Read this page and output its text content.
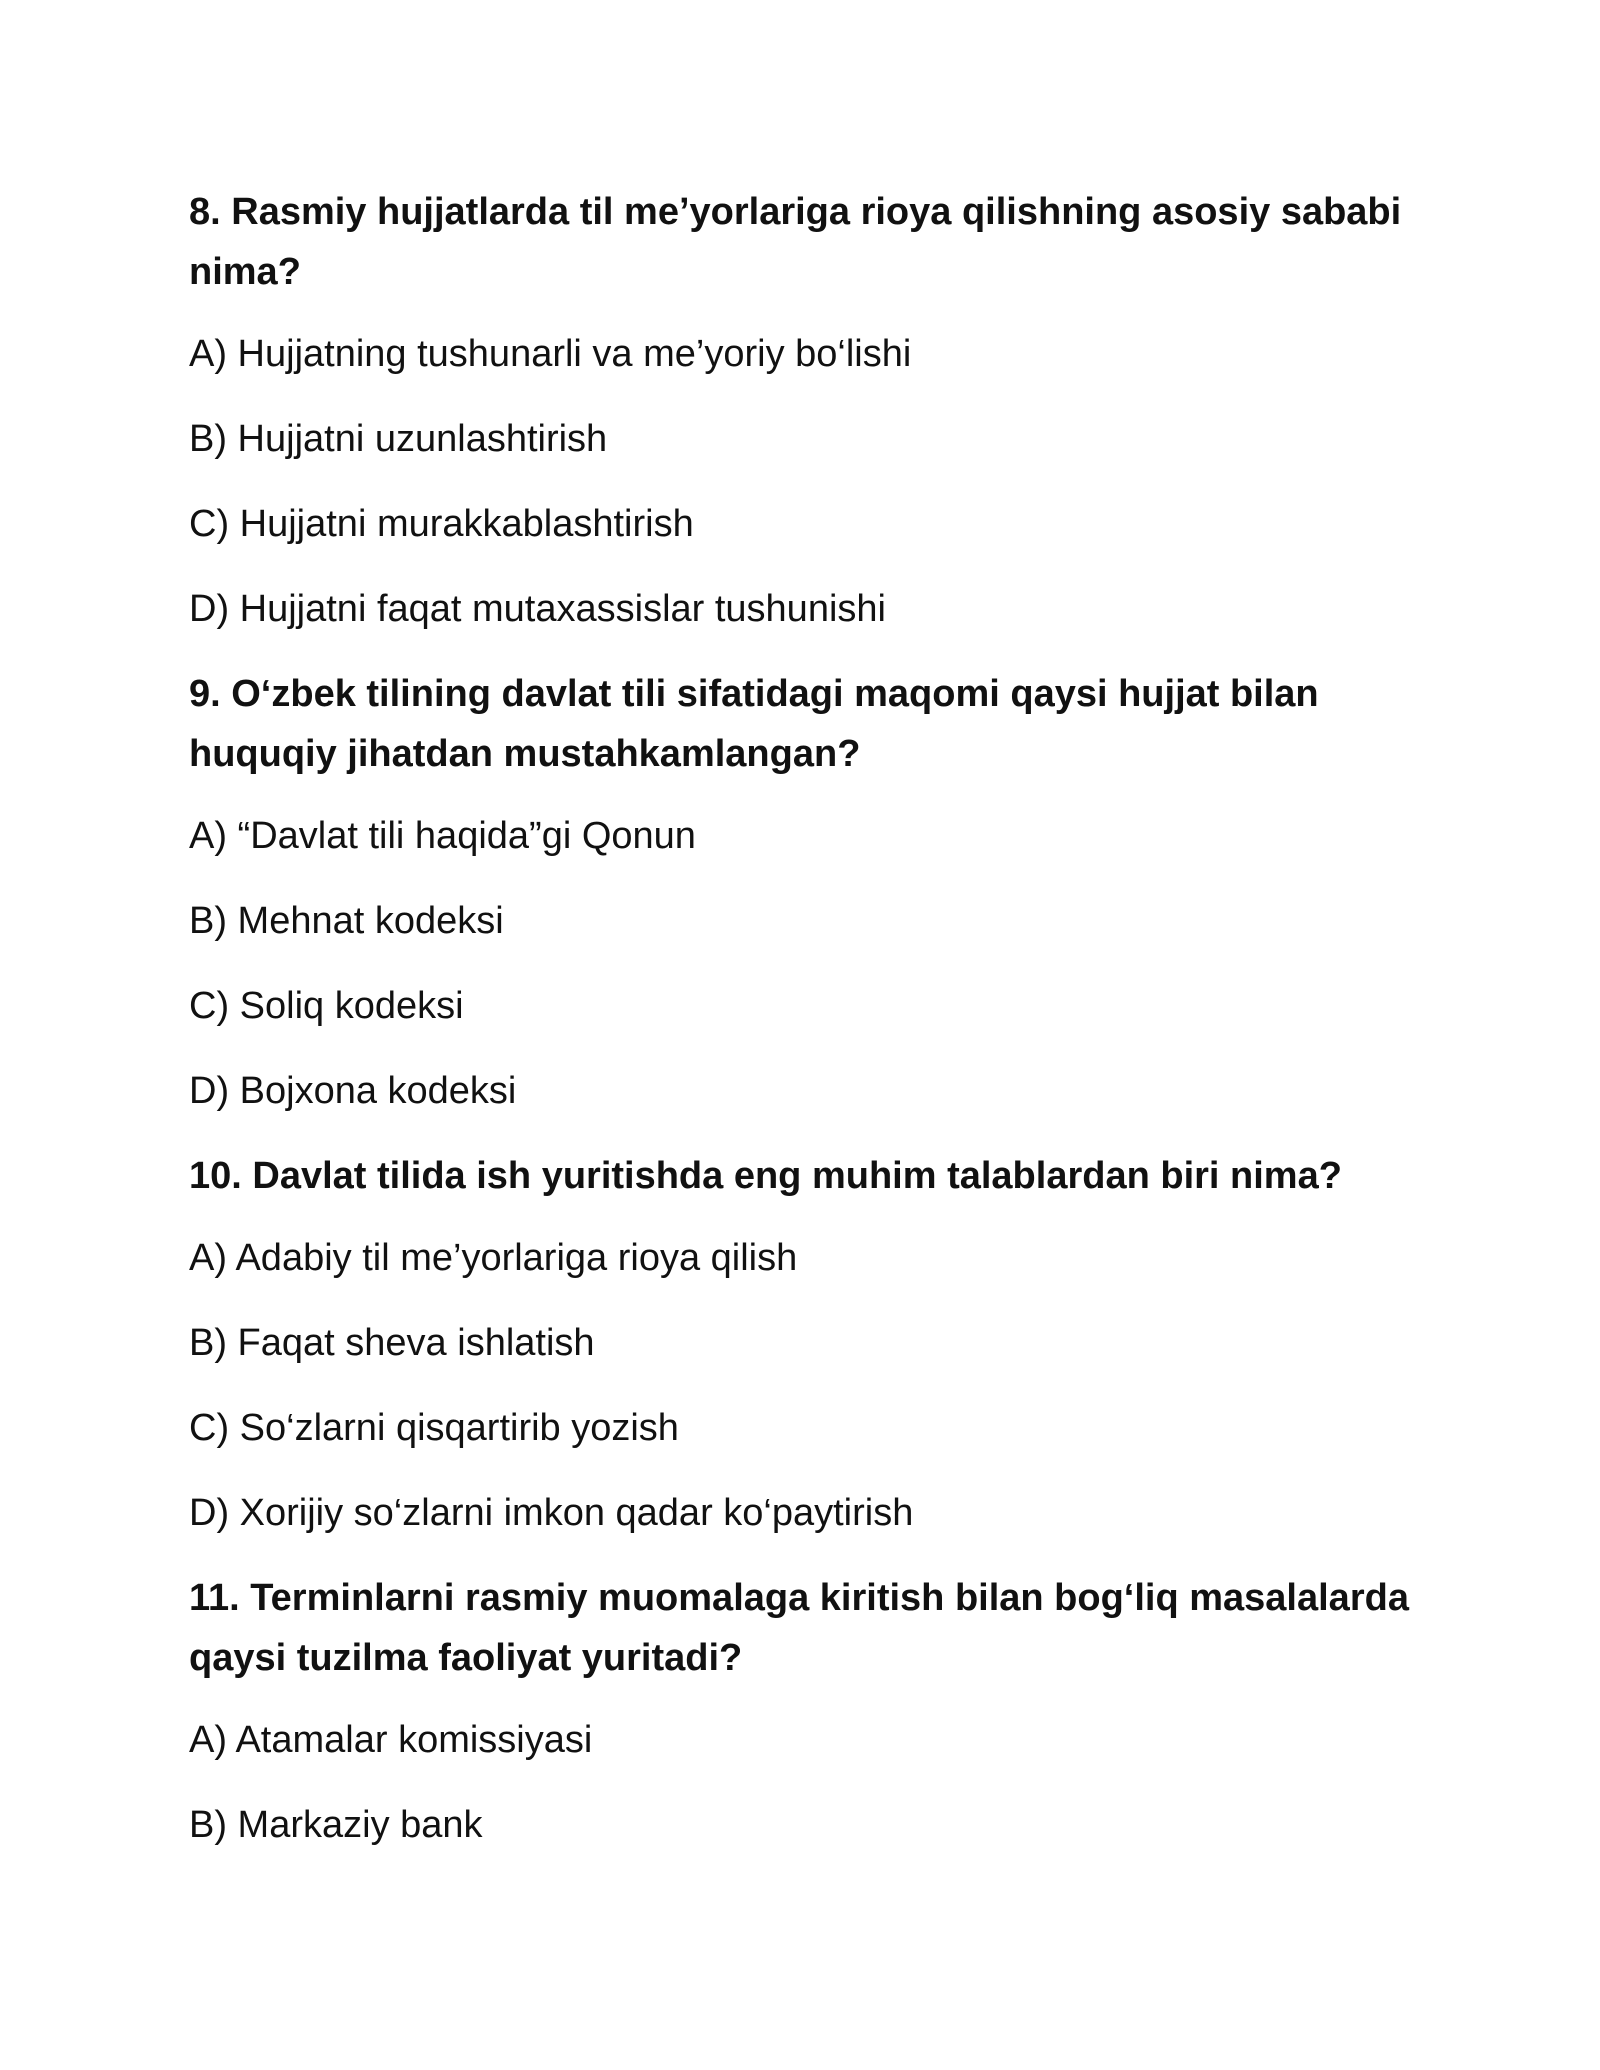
8. Rasmiy hujjatlarda til me’yorlariga rioya qilishning asosiy sababi nima?

A) Hujjatning tushunarli va me’yoriy bo‘lishi

B) Hujjatni uzunlashtirish

C) Hujjatni murakkablashtirish

D) Hujjatni faqat mutaxassislar tushunishi

9. O‘zbek tilining davlat tili sifatidagi maqomi qaysi hujjat bilan huquqiy jihatdan mustahkamlangan?

A) “Davlat tili haqida”gi Qonun

B) Mehnat kodeksi

C) Soliq kodeksi

D) Bojxona kodeksi

10. Davlat tilida ish yuritishda eng muhim talablardan biri nima?

A) Adabiy til me’yorlariga rioya qilish

B) Faqat sheva ishlatish

C) So‘zlarni qisqartirib yozish

D) Xorijiy so‘zlarni imkon qadar ko‘paytirish

11. Terminlarni rasmiy muomalaga kiritish bilan bog‘liq masalalarda qaysi tuzilma faoliyat yuritadi?

A) Atamalar komissiyasi

B) Markaziy bank
